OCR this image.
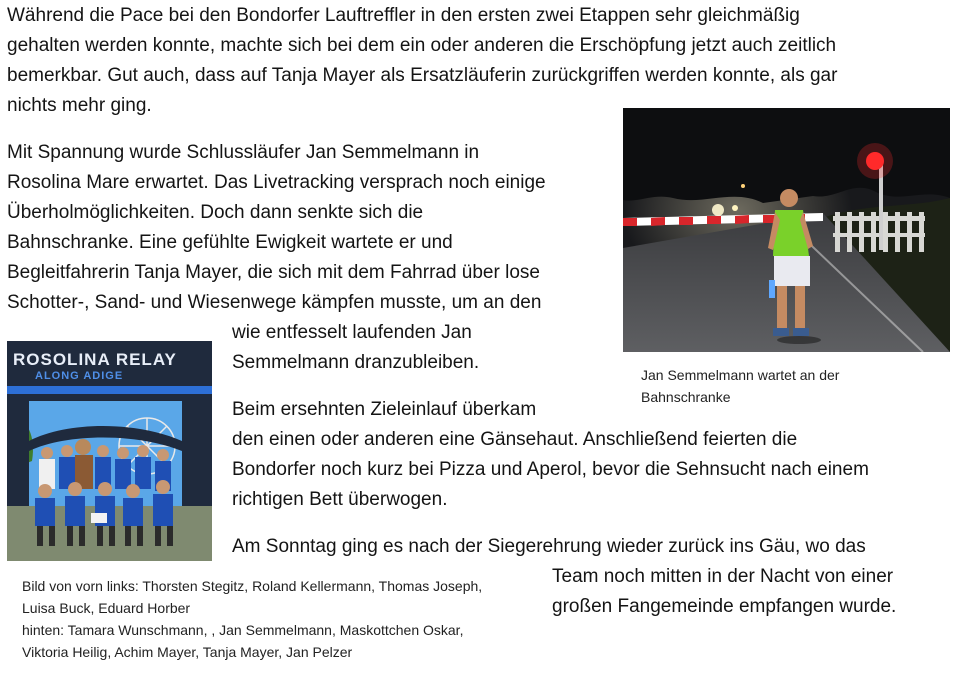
Während die Pace bei den Bondorfer Lauftreffler in den ersten zwei Etappen sehr gleichmäßig
gehalten werden konnte, machte sich bei dem ein oder anderen die Erschöpfung jetzt auch zeitlich
bemerkbar. Gut auch, dass auf Tanja Mayer als Ersatzläuferin zurückgriffen werden konnte, als gar
nichts mehr ging.
Mit Spannung wurde Schlussläufer Jan Semmelmann in
Rosolina Mare erwartet. Das Livetracking versprach noch einige
Überholmöglichkeiten. Doch dann senkte sich die
Bahnschranke. Eine gefühlte Ewigkeit wartete er und
Begleitfahrerin Tanja Mayer, die sich mit dem Fahrrad über lose
Schotter-, Sand- und Wiesenwege kämpfen musste, um an den
wie entfesselt laufenden Jan
Semmelmann dranzubleiben.
Beim ersehnten Zieleinlauf überkam
den einen oder anderen eine Gänsehaut. Anschließend feierten die
Bondorfer noch kurz bei Pizza und Aperol, bevor die Sehnsucht nach einem
richtigen Bett überwogen.
Am Sonntag ging es nach der Siegerehrung wieder zurück ins Gäu, wo das
Team noch mitten in der Nacht von einer
großen Fangemeinde empfangen wurde.
Jan Semmelmann wartet an der
Bahnschranke
ROSOLINA RELAY
ALONG ADIGE
Bild von vorn links: Thorsten Stegitz, Roland Kellermann, Thomas Joseph,
Luisa Buck, Eduard Horber
hinten: Tamara Wunschmann, , Jan Semmelmann, Maskottchen Oskar,
Viktoria Heilig, Achim Mayer, Tanja Mayer, Jan Pelzer
